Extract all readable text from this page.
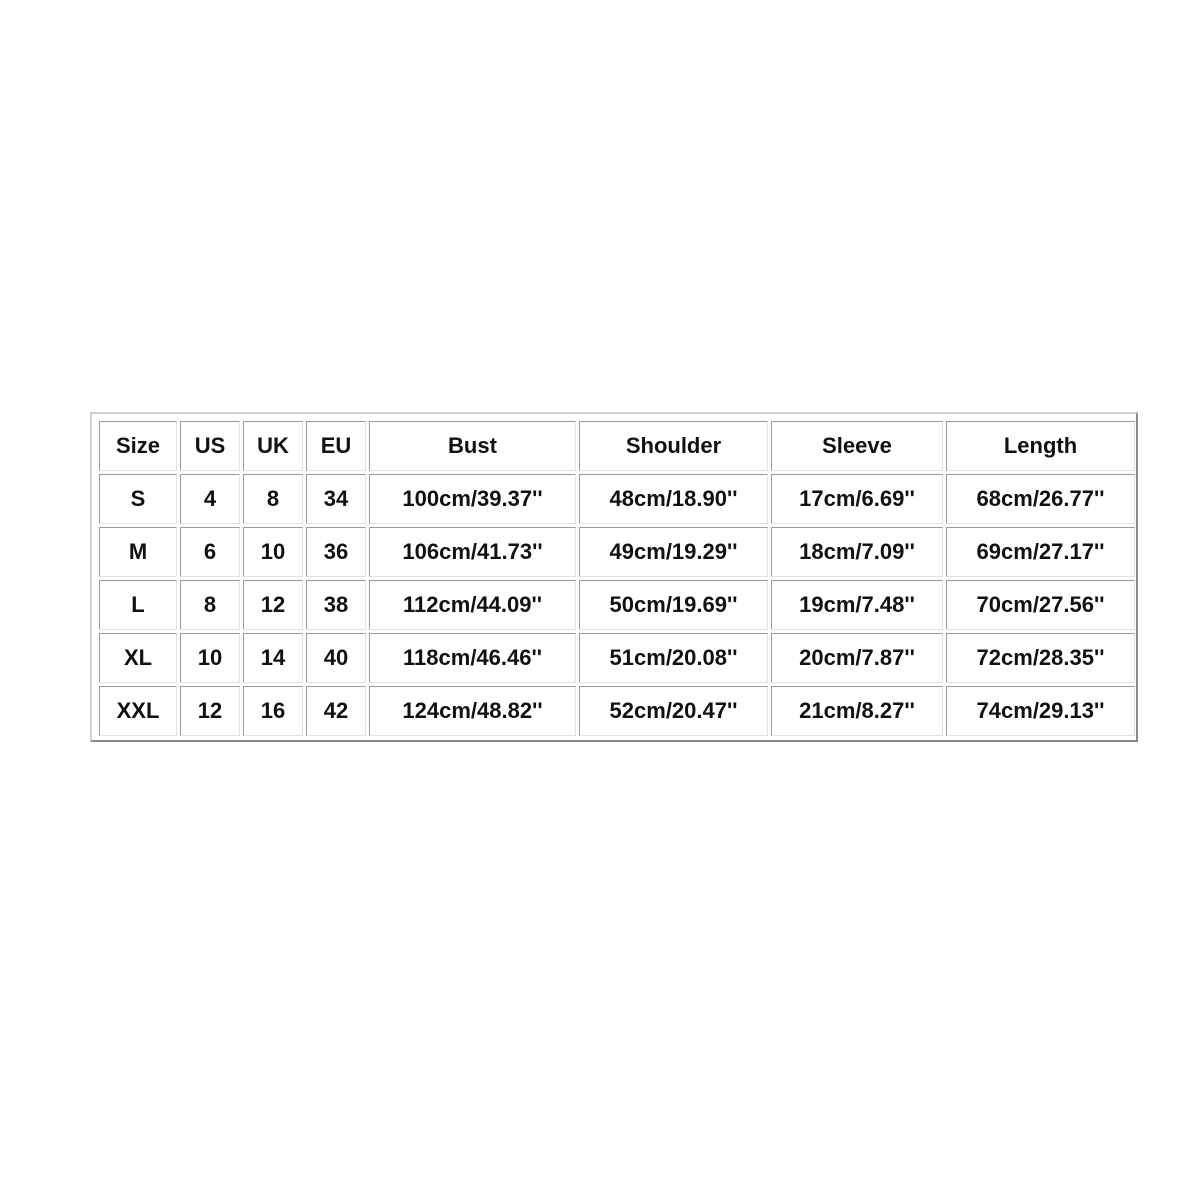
Size	US	UK	EU	Bust	Shoulder	Sleeve	Length
S	4	8	34	100cm/39.37''	48cm/18.90''	17cm/6.69''	68cm/26.77''
M	6	10	36	106cm/41.73''	49cm/19.29''	18cm/7.09''	69cm/27.17''
L	8	12	38	112cm/44.09''	50cm/19.69''	19cm/7.48''	70cm/27.56''
XL	10	14	40	118cm/46.46''	51cm/20.08''	20cm/7.87''	72cm/28.35''
XXL	12	16	42	124cm/48.82''	52cm/20.47''	21cm/8.27''	74cm/29.13''
